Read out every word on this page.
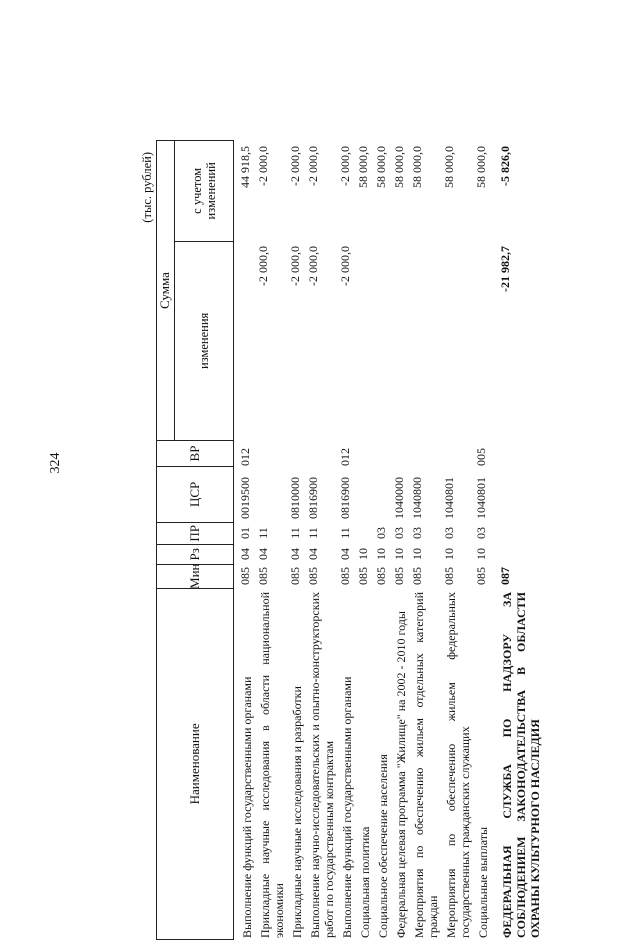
324
(тыс. рублей)
Наименование
Мин
Рз
ПР
ЦСР
ВР
Сумма
изменения
с учетом изменений
Выполнение функций государственными органами
085
04
01
0019500
012
44 918,5
Прикладные научные исследования в области национальной экономики
085
04
11
-2 000,0
-2 000,0
Прикладные научные исследования и разработки
085
04
11
0810000
-2 000,0
-2 000,0
Выполнение научно-исследовательских и опытно-конструкторских работ по государственным контрактам
085
04
11
0816900
-2 000,0
-2 000,0
Выполнение функций государственными органами
085
04
11
0816900
012
-2 000,0
-2 000,0
Социальная политика
085
10
58 000,0
Социальное обеспечение населения
085
10
03
58 000,0
Федеральная целевая программа "Жилище" на 2002 - 2010 годы
085
10
03
1040000
58 000,0
Мероприятия по обеспечению жильем отдельных категорий граждан
085
10
03
1040800
58 000,0
Мероприятия по обеспечению жильем федеральных государственных гражданских служащих
085
10
03
1040801
58 000,0
Социальные выплаты
085
10
03
1040801
005
58 000,0
ФЕДЕРАЛЬНАЯ СЛУЖБА ПО НАДЗОРУ ЗА СОБЛЮДЕНИЕМ ЗАКОНОДАТЕЛЬСТВА В ОБЛАСТИ ОХРАНЫ КУЛЬТУРНОГО НАСЛЕДИЯ
087
-21 982,7
-5 826,0
